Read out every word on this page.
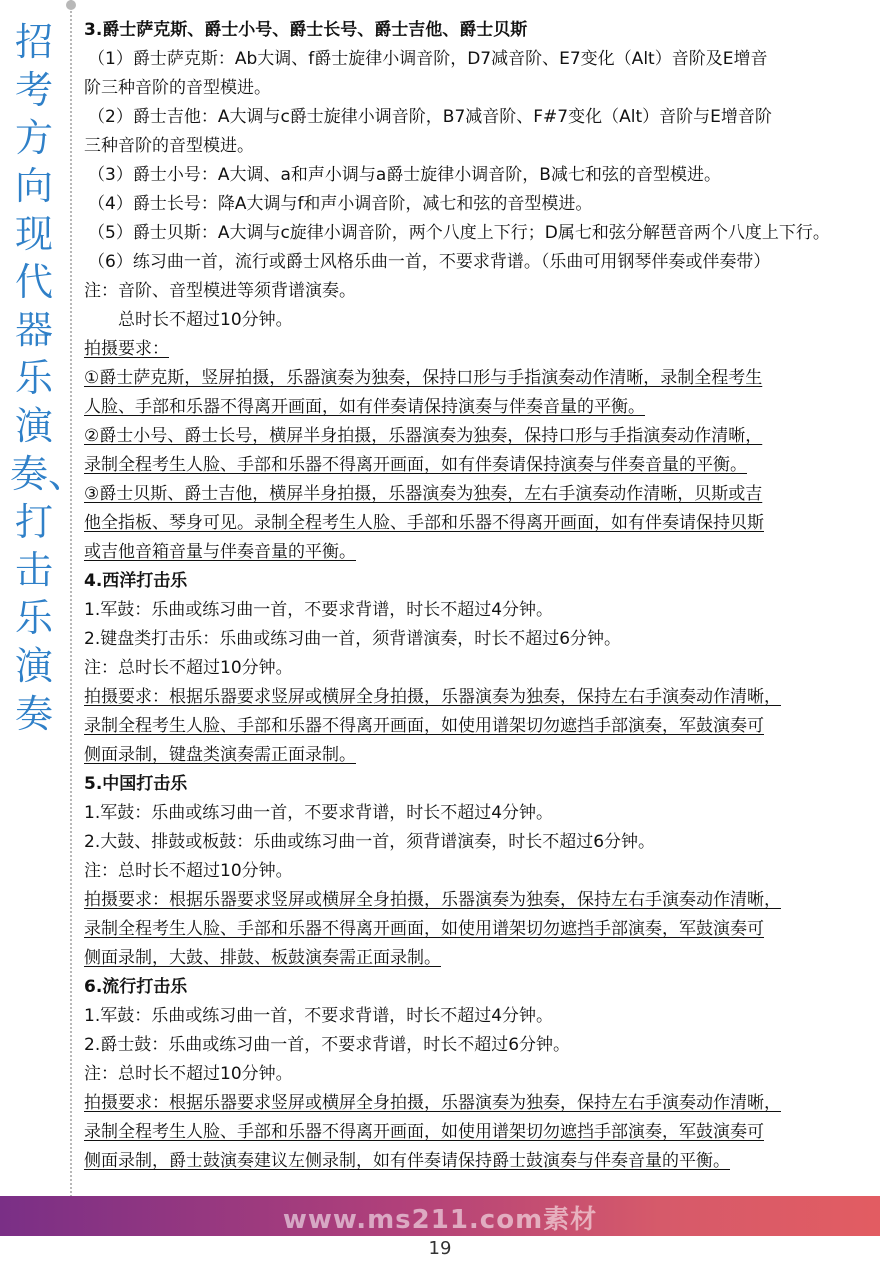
招考方向 现代器乐演奏、打击乐演奏
3.爵士萨克斯、爵士小号、爵士长号、爵士吉他、爵士贝斯
（1）爵士萨克斯：Ab大调、f爵士旋律小调音阶，D7减音阶、E7变化（Alt）音阶及E增音
阶三种音阶的音型模进。
（2）爵士吉他：A大调与c爵士旋律小调音阶，B7减音阶、F#7变化（Alt）音阶与E增音阶
三种音阶的音型模进。
（3）爵士小号：A大调、a和声小调与a爵士旋律小调音阶，B减七和弦的音型模进。
（4）爵士长号：降A大调与f和声小调音阶，减七和弦的音型模进。
（5）爵士贝斯：A大调与c旋律小调音阶，两个八度上下行；D属七和弦分解琶音两个八度上下行。
（6）练习曲一首，流行或爵士风格乐曲一首，不要求背谱。（乐曲可用钢琴伴奏或伴奏带）
注：音阶、音型模进等须背谱演奏。
总时长不超过10分钟。
拍摄要求：
①爵士萨克斯，竖屏拍摄，乐器演奏为独奏，保持口形与手指演奏动作清晰，录制全程考生
人脸、手部和乐器不得离开画面，如有伴奏请保持演奏与伴奏音量的平衡。
②爵士小号、爵士长号，横屏半身拍摄，乐器演奏为独奏，保持口形与手指演奏动作清晰，
录制全程考生人脸、手部和乐器不得离开画面，如有伴奏请保持演奏与伴奏音量的平衡。
③爵士贝斯、爵士吉他，横屏半身拍摄，乐器演奏为独奏，左右手演奏动作清晰，贝斯或吉
他全指板、琴身可见。录制全程考生人脸、手部和乐器不得离开画面，如有伴奏请保持贝斯
或吉他音箱音量与伴奏音量的平衡。
4.西洋打击乐
1.军鼓：乐曲或练习曲一首，不要求背谱，时长不超过4分钟。
2.键盘类打击乐：乐曲或练习曲一首，须背谱演奏，时长不超过6分钟。
注：总时长不超过10分钟。
拍摄要求：根据乐器要求竖屏或横屏全身拍摄，乐器演奏为独奏，保持左右手演奏动作清晰，
录制全程考生人脸、手部和乐器不得离开画面，如使用谱架切勿遮挡手部演奏，军鼓演奏可
侧面录制，键盘类演奏需正面录制。
5.中国打击乐
1.军鼓：乐曲或练习曲一首，不要求背谱，时长不超过4分钟。
2.大鼓、排鼓或板鼓：乐曲或练习曲一首，须背谱演奏，时长不超过6分钟。
注：总时长不超过10分钟。
拍摄要求：根据乐器要求竖屏或横屏全身拍摄，乐器演奏为独奏，保持左右手演奏动作清晰，
录制全程考生人脸、手部和乐器不得离开画面，如使用谱架切勿遮挡手部演奏，军鼓演奏可
侧面录制，大鼓、排鼓、板鼓演奏需正面录制。
6.流行打击乐
1.军鼓：乐曲或练习曲一首，不要求背谱，时长不超过4分钟。
2.爵士鼓：乐曲或练习曲一首，不要求背谱，时长不超过6分钟。
注：总时长不超过10分钟。
拍摄要求：根据乐器要求竖屏或横屏全身拍摄，乐器演奏为独奏，保持左右手演奏动作清晰，
录制全程考生人脸、手部和乐器不得离开画面，如使用谱架切勿遮挡手部演奏，军鼓演奏可
侧面录制，爵士鼓演奏建议左侧录制，如有伴奏请保持爵士鼓演奏与伴奏音量的平衡。
www.ms211.com素材
19
